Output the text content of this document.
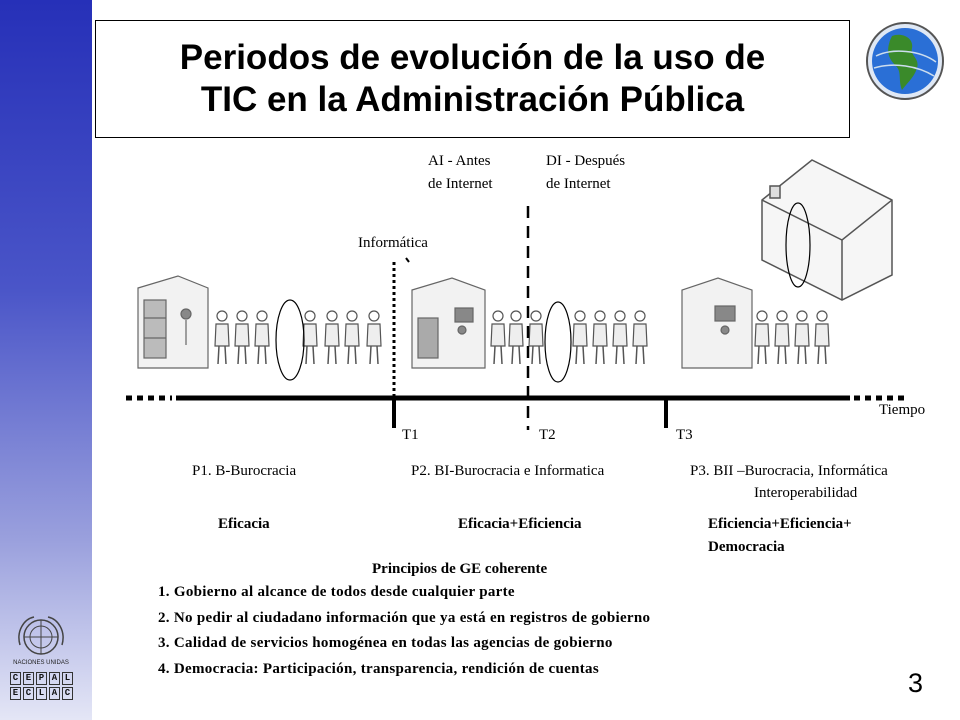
Periodos de evolución de la uso de
TIC en la Administración Pública
NACIONES UNIDAS
C E P A L
E C L A C
Informática
AI - Antes
de Internet
DI - Después
de Internet
Tiempo
T1	T2	T3
P1. B-Burocracia	P2. BI-Burocracia e Informatica	P3. BII –Burocracia, Informática
Interoperabilidad
Eficacia	Eficacia+Eficiencia	Eficiencia+Eficiencia+
Democracia
Principios de GE coherente
1. Gobierno al alcance de todos desde cualquier parte
2. No pedir al ciudadano información que ya está en registros de gobierno
3. Calidad de servicios homogénea en todas las agencias de gobierno
4. Democracia: Participación, transparencia, rendición de cuentas	3
